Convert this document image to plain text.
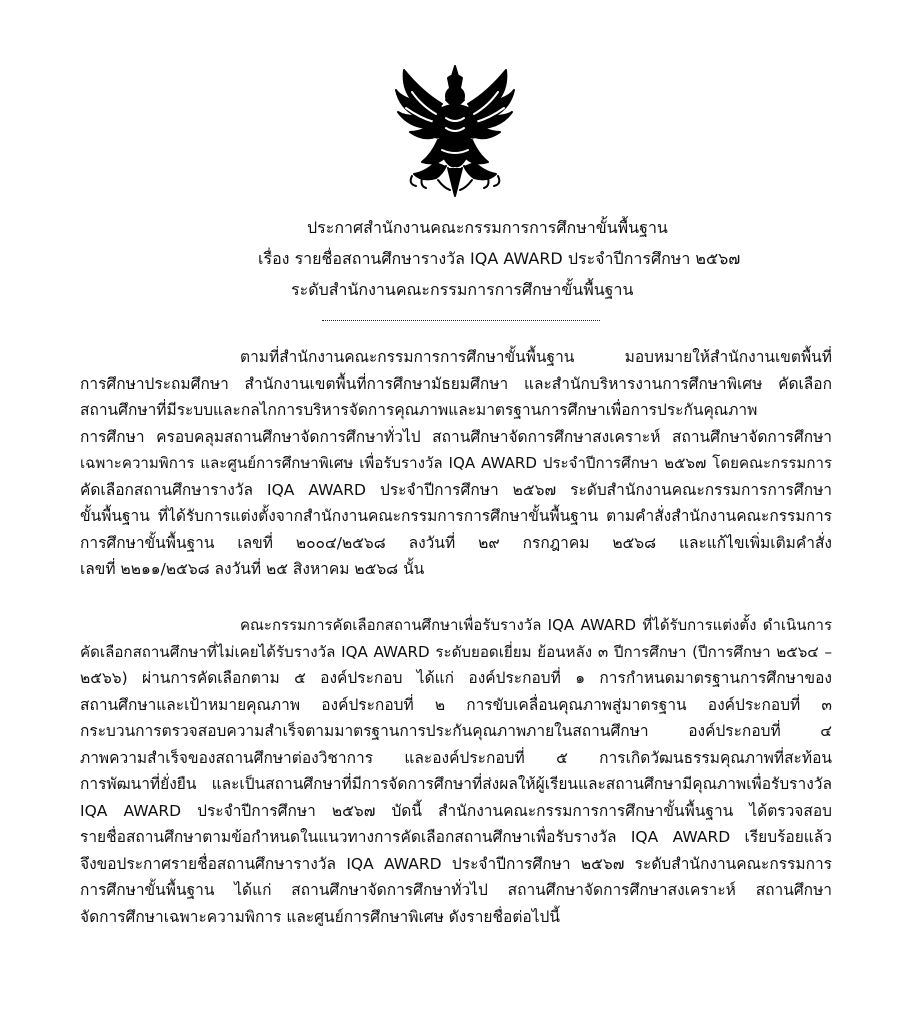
ประกาศสำนักงานคณะกรรมการการศึกษาขั้นพื้นฐาน
เรื่อง รายชื่อสถานศึกษารางวัล IQA AWARD ประจำปีการศึกษา ๒๕๖๗
ระดับสำนักงานคณะกรรมการการศึกษาขั้นพื้นฐาน
ตามที่สำนักงานคณะกรรมการการศึกษาขั้นพื้นฐาน มอบหมายให้สำนักงานเขตพื้นที่
การศึกษาประถมศึกษา สำนักงานเขตพื้นที่การศึกษามัธยมศึกษา และสำนักบริหารงานการศึกษาพิเศษ คัดเลือก
สถานศึกษาที่มีระบบและกลไกการบริหารจัดการคุณภาพและมาตรฐานการศึกษาเพื่อการประกันคุณภาพ
การศึกษา ครอบคลุมสถานศึกษาจัดการศึกษาทั่วไป สถานศึกษาจัดการศึกษาสงเคราะห์ สถานศึกษาจัดการศึกษา
เฉพาะความพิการ และศูนย์การศึกษาพิเศษ เพื่อรับรางวัล IQA AWARD ประจำปีการศึกษา ๒๕๖๗ โดยคณะกรรมการ
คัดเลือกสถานศึกษารางวัล IQA AWARD ประจำปีการศึกษา ๒๕๖๗ ระดับสำนักงานคณะกรรมการการศึกษา
ขั้นพื้นฐาน ที่ได้รับการแต่งตั้งจากสำนักงานคณะกรรมการการศึกษาขั้นพื้นฐาน ตามคำสั่งสำนักงานคณะกรรมการ
การศึกษาขั้นพื้นฐาน เลขที่ ๒๐๐๔/๒๕๖๘ ลงวันที่ ๒๙ กรกฎาคม ๒๕๖๘ และแก้ไขเพิ่มเติมคำสั่ง
เลขที่ ๒๒๑๑/๒๕๖๘ ลงวันที่ ๒๕ สิงหาคม ๒๕๖๘ นั้น
คณะกรรมการคัดเลือกสถานศึกษาเพื่อรับรางวัล IQA AWARD ที่ได้รับการแต่งตั้ง ดำเนินการ
คัดเลือกสถานศึกษาที่ไม่เคยได้รับรางวัล IQA AWARD ระดับยอดเยี่ยม ย้อนหลัง ๓ ปีการศึกษา (ปีการศึกษา ๒๕๖๔ –
๒๕๖๖) ผ่านการคัดเลือกตาม ๕ องค์ประกอบ ได้แก่ องค์ประกอบที่ ๑ การกำหนดมาตรฐานการศึกษาของ
สถานศึกษาและเป้าหมายคุณภาพ องค์ประกอบที่ ๒ การขับเคลื่อนคุณภาพสู่มาตรฐาน องค์ประกอบที่ ๓
กระบวนการตรวจสอบความสำเร็จตามมาตรฐานการประกันคุณภาพภายในสถานศึกษา องค์ประกอบที่ ๔
ภาพความสำเร็จของสถานศึกษาต่องวิชาการ และองค์ประกอบที่ ๕ การเกิดวัฒนธรรมคุณภาพที่สะท้อน
การพัฒนาที่ยั่งยืน และเป็นสถานศึกษาที่มีการจัดการศึกษาที่ส่งผลให้ผู้เรียนและสถานศึกษามีคุณภาพเพื่อรับรางวัล
IQA AWARD ประจำปีการศึกษา ๒๕๖๗ บัดนี้ สำนักงานคณะกรรมการการศึกษาขั้นพื้นฐาน ได้ตรวจสอบ
รายชื่อสถานศึกษาตามข้อกำหนดในแนวทางการคัดเลือกสถานศึกษาเพื่อรับรางวัล IQA AWARD เรียบร้อยแล้ว
จึงขอประกาศรายชื่อสถานศึกษารางวัล IQA AWARD ประจำปีการศึกษา ๒๕๖๗ ระดับสำนักงานคณะกรรมการ
การศึกษาขั้นพื้นฐาน ได้แก่ สถานศึกษาจัดการศึกษาทั่วไป สถานศึกษาจัดการศึกษาสงเคราะห์ สถานศึกษา
จัดการศึกษาเฉพาะความพิการ และศูนย์การศึกษาพิเศษ ดังรายชื่อต่อไปนี้
